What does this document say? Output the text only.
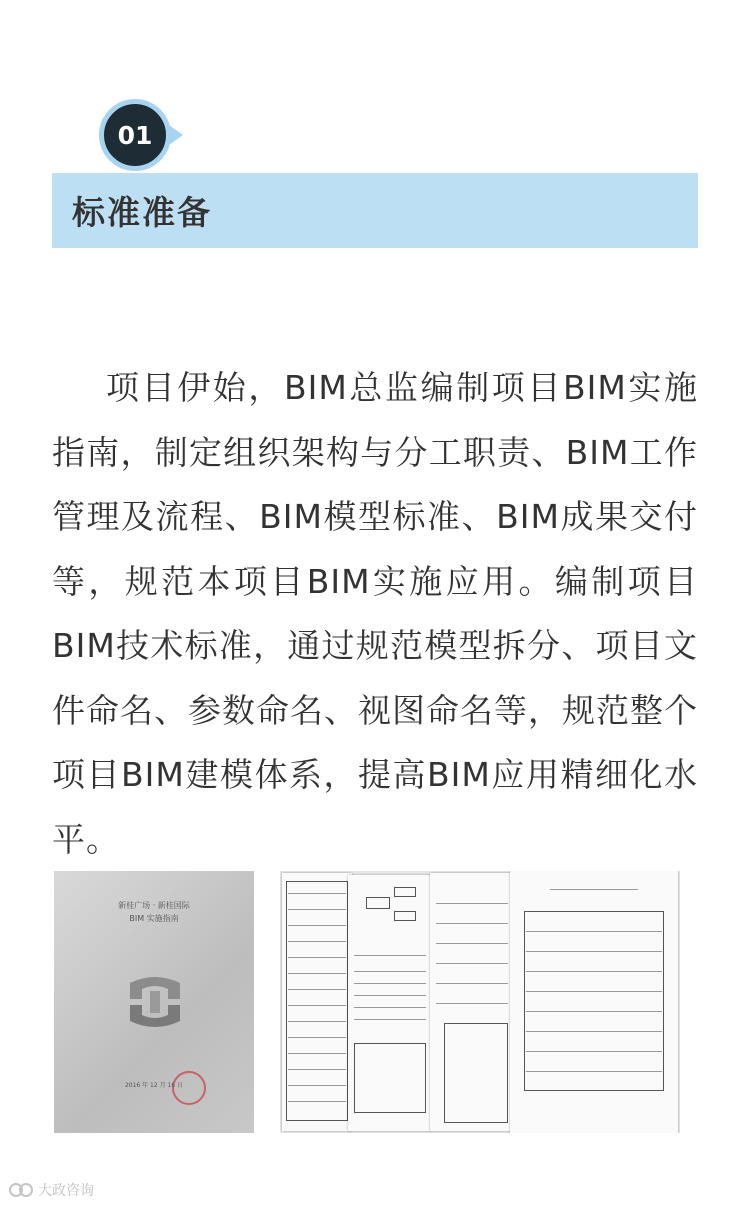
01
标准准备

项目伊始，BIM总监编制项目BIM实施指南，制定组织架构与分工职责、BIM工作管理及流程、BIM模型标准、BIM成果交付等，规范本项目BIM实施应用。编制项目BIM技术标准，通过规范模型拆分、项目文件命名、参数命名、视图命名等，规范整个项目BIM建模体系，提高BIM应用精细化水平。

新桂广场 · 新桂国际
BIM 实施指南
2016 年 12 月 16 日
大政咨询
